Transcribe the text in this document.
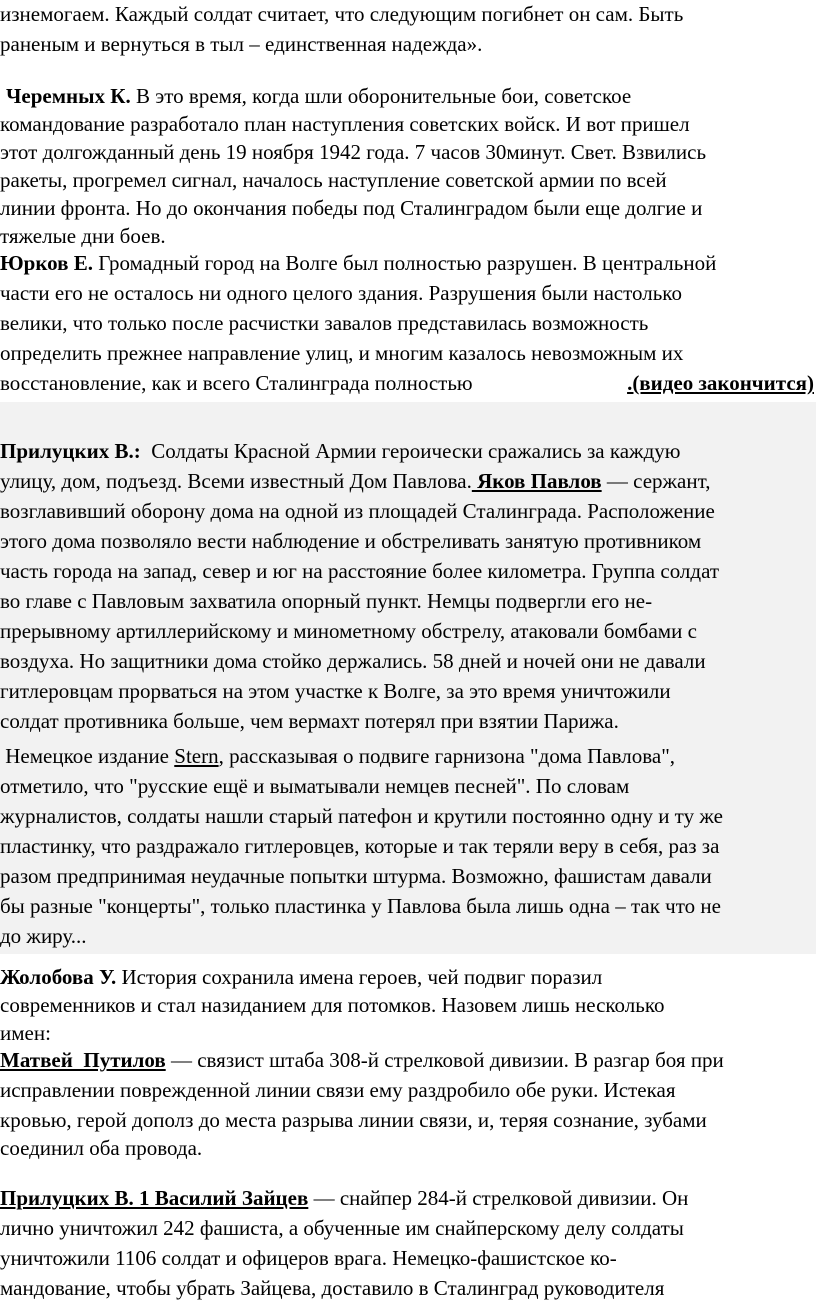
изнемогаем. Каждый солдат считает, что следующим погибнет он сам. Быть
раненым и вернуться в тыл – единственная надежда».
Черемных К. В это время, когда шли оборонительные бои, советское
командование разработало план наступления советских войск. И вот пришел
этот долгожданный день 19 ноября 1942 года. 7 часов 30минут. Свет. Взвились
ракеты, прогремел сигнал, началось наступление советской армии по всей
линии фронта. Но до окончания победы под Сталинградом были еще долгие и
тяжелые дни боев.
Юрков Е. Громадный город на Волге был полностью разрушен. В центральной
части его не осталось ни одного целого здания. Разрушения были настолько
велики, что только после расчистки завалов представилась возможность
определить прежнее направление улиц, и многим казалось невозможным их
восстановление, как и всего Сталинграда полностью	.(видео закончится)
Прилуцких В.:  Солдаты Красной Армии героически сражались за каждую
улицу, дом, подъезд. Всеми известный Дом Павлова. Яков Павлов — сержант,
возглавивший оборону дома на одной из площадей Сталинграда. Расположение
этого дома позволяло вести наблюдение и обстреливать занятую противником
часть города на запад, север и юг на расстояние более километра. Группа солдат
во главе с Павловым захватила опорный пункт. Немцы подвергли его не-
прерывному артиллерийскому и минометному обстрелу, атаковали бомбами с
воздуха. Но защитники дома стойко держались. 58 дней и ночей они не давали
гитлеровцам прорваться на этом участке к Волге, за это время уничтожили
солдат противника больше, чем вермахт потерял при взятии Парижа.
Немецкое издание Stern, рассказывая о подвиге гарнизона "дома Павлова",
отметило, что "русские ещё и выматывали немцев песней". По словам
журналистов, солдаты нашли старый патефон и крутили постоянно одну и ту же
пластинку, что раздражало гитлеровцев, которые и так теряли веру в себя, раз за
разом предпринимая неудачные попытки штурма. Возможно, фашистам давали
бы разные "концерты", только пластинка у Павлова была лишь одна – так что не
до жиру...
Жолобова У. История сохранила имена героев, чей подвиг поразил
современников и стал назиданием для потомков. Назовем лишь несколько
имен:
Матвей  Путилов — связист штаба 308-й стрелковой дивизии. В разгар боя при
исправлении поврежденной линии связи ему раздробило обе руки. Истекая
кровью, герой дополз до места разрыва линии связи, и, теряя сознание, зубами
соединил оба провода.
Прилуцких В. 1 Василий Зайцев — снайпер 284-й стрелковой дивизии. Он
лично уничтожил 242 фашиста, а обученные им снайперскому делу солдаты
уничтожили 1106 солдат и офицеров врага. Немецко-фашистское ко-
мандование, чтобы убрать Зайцева, доставило в Сталинград руководителя
